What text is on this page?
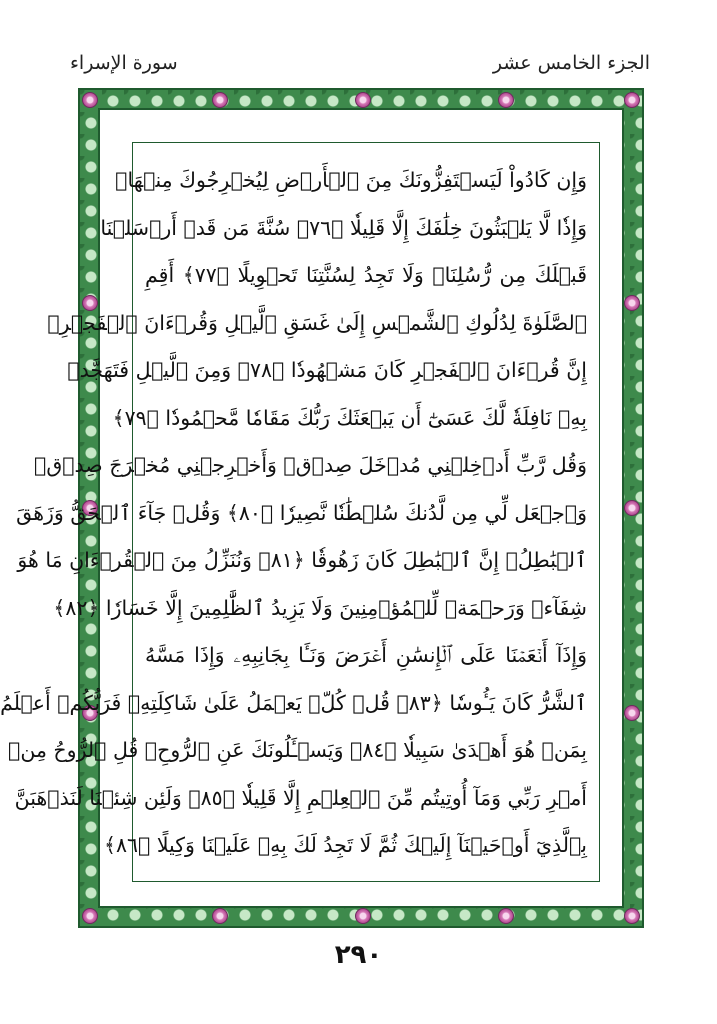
سورة الإسراء	الجزء الخامس عشر
وَإِن كَادُواْ لَيَسۡتَفِزُّونَكَ مِنَ ٱلۡأَرۡضِ لِيُخۡرِجُوكَ مِنۡهَاۖ
وَإِذٗا لَّا يَلۡبَثُونَ خِلَٰفَكَ إِلَّا قَلِيلٗا ﴿٧٦﴾ سُنَّةَ مَن قَدۡ أَرۡسَلۡنَا
قَبۡلَكَ مِن رُّسُلِنَاۖ وَلَا تَجِدُ لِسُنَّتِنَا تَحۡوِيلًا ﴿٧٧﴾ أَقِمِ
ٱلصَّلَوٰةَ لِدُلُوكِ ٱلشَّمۡسِ إِلَىٰ غَسَقِ ٱلَّيۡلِ وَقُرۡءَانَ ٱلۡفَجۡرِۖ
إِنَّ قُرۡءَانَ ٱلۡفَجۡرِ كَانَ مَشۡهُودٗا ﴿٧٨﴾ وَمِنَ ٱلَّيۡلِ فَتَهَجَّدۡ
بِهِۦ نَافِلَةٗ لَّكَ عَسَىٰٓ أَن يَبۡعَثَكَ رَبُّكَ مَقَامٗا مَّحۡمُودٗا ﴿٧٩﴾
وَقُل رَّبِّ أَدۡخِلۡنِي مُدۡخَلَ صِدۡقٖ وَأَخۡرِجۡنِي مُخۡرَجَ صِدۡقٖ
وَٱجۡعَل لِّي مِن لَّدُنكَ سُلۡطَٰنٗا نَّصِيرٗا ﴿٨٠﴾ وَقُلۡ جَآءَ ٱلۡحَقُّ وَزَهَقَ
ٱلۡبَٰطِلُۚ إِنَّ ٱلۡبَٰطِلَ كَانَ زَهُوقٗا ﴿٨١﴾ وَنُنَزِّلُ مِنَ ٱلۡقُرۡءَانِ مَا هُوَ
شِفَآءٞ وَرَحۡمَةٞ لِّلۡمُؤۡمِنِينَ وَلَا يَزِيدُ ٱلظَّٰلِمِينَ إِلَّا خَسَارٗا ﴿٨٢﴾
وَإِذَآ أَنۡعَمۡنَا عَلَى ٱلۡإِنسَٰنِ أَعۡرَضَ وَنَـَٔا بِجَانِبِهِۦ وَإِذَا مَسَّهُ
ٱلشَّرُّ كَانَ يَـُٔوسٗا ﴿٨٣﴾ قُلۡ كُلّٞ يَعۡمَلُ عَلَىٰ شَاكِلَتِهِۦ فَرَبُّكُمۡ أَعۡلَمُ
بِمَنۡ هُوَ أَهۡدَىٰ سَبِيلٗا ﴿٨٤﴾ وَيَسۡـَٔلُونَكَ عَنِ ٱلرُّوحِۖ قُلِ ٱلرُّوحُ مِنۡ
أَمۡرِ رَبِّي وَمَآ أُوتِيتُم مِّنَ ٱلۡعِلۡمِ إِلَّا قَلِيلٗا ﴿٨٥﴾ وَلَئِن شِئۡنَا لَنَذۡهَبَنَّ
بِٱلَّذِيٓ أَوۡحَيۡنَآ إِلَيۡكَ ثُمَّ لَا تَجِدُ لَكَ بِهِۦ عَلَيۡنَا وَكِيلًا ﴿٨٦﴾
٢٩٠
